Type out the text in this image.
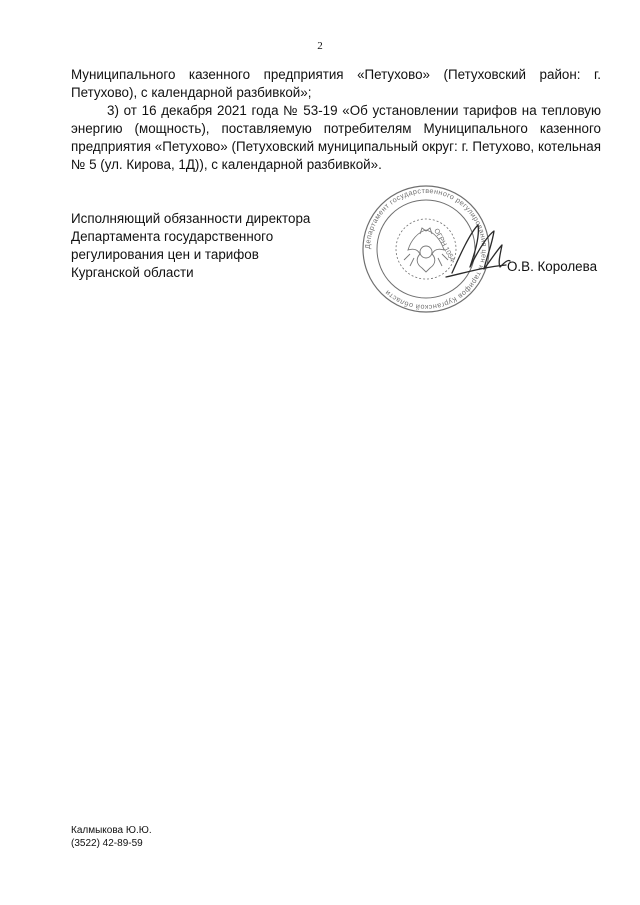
2

Муниципального казенного предприятия «Петухово» (Петуховский район: г. Петухово), с календарной разбивкой»;

3) от 16 декабря 2021 года № 53-19 «Об установлении тарифов на тепловую энергию (мощность), поставляемую потребителям Муниципального казенного предприятия «Петухово» (Петуховский муниципальный округ: г. Петухово, котельная № 5 (ул. Кирова, 1Д)), с календарной разбивкой».

Исполняющий обязанности директора
Департамента государственного
регулирования цен и тарифов
Курганской области
Департамент государственного регулирования цен и тарифов Курганской области
ОГРН 1054
О.В. Королева
Калмыкова Ю.Ю.
(3522) 42-89-59
